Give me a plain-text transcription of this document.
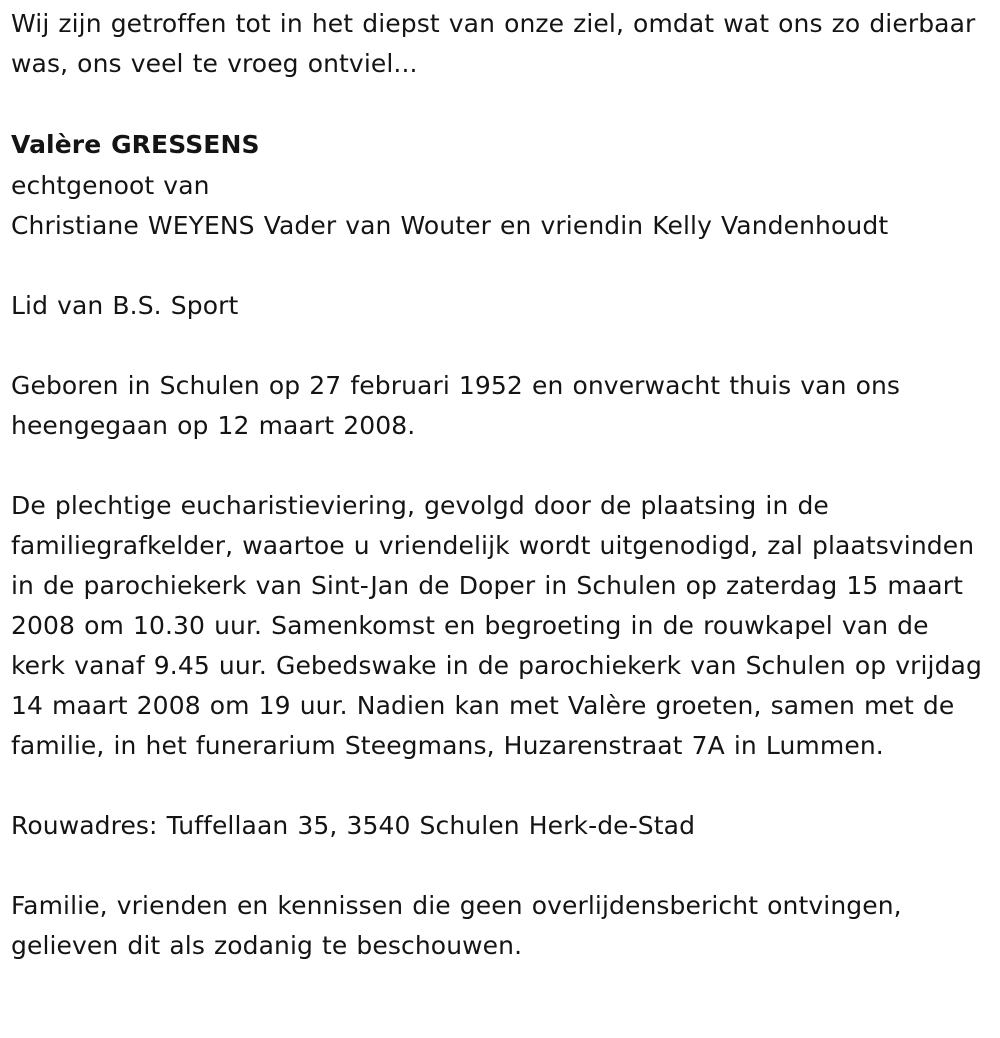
Wij zijn getroffen tot in het diepst van onze ziel, omdat wat ons zo dierbaar was, ons veel te vroeg ontviel...

Valère GRESSENS

echtgenoot van

Christiane WEYENS Vader van Wouter en vriendin Kelly Vandenhoudt

Lid van B.S. Sport

Geboren in Schulen op 27 februari 1952 en onverwacht thuis van ons heengegaan op 12 maart 2008.

De plechtige eucharistieviering, gevolgd door de plaatsing in de familiegrafkelder, waartoe u vriendelijk wordt uitgenodigd, zal plaatsvinden in de parochiekerk van Sint-Jan de Doper in Schulen op zaterdag 15 maart 2008 om 10.30 uur. Samenkomst en begroeting in de rouwkapel van de kerk vanaf 9.45 uur. Gebedswake in de parochiekerk van Schulen op vrijdag 14 maart 2008 om 19 uur. Nadien kan met Valère groeten, samen met de familie, in het funerarium Steegmans, Huzarenstraat 7A in Lummen.

Rouwadres: Tuffellaan 35, 3540 Schulen Herk-de-Stad

Familie, vrienden en kennissen die geen overlijdensbericht ontvingen, gelieven dit als zodanig te beschouwen.
